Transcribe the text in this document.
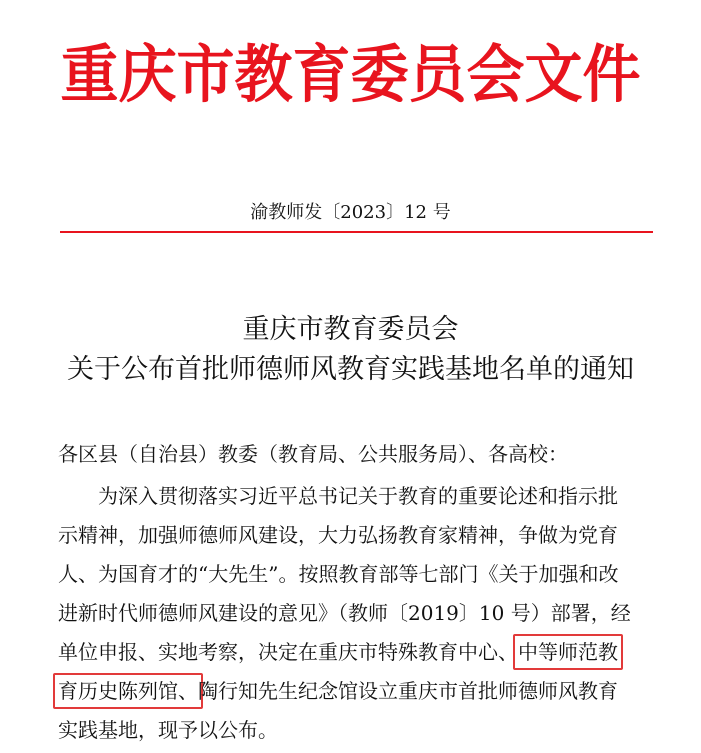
重庆市教育委员会文件
渝教师发〔2023〕12 号
重庆市教育委员会
关于公布首批师德师风教育实践基地名单的通知
各区县（自治县）教委（教育局、公共服务局）、各高校：
为深入贯彻落实习近平总书记关于教育的重要论述和指示批
示精神，加强师德师风建设，大力弘扬教育家精神，争做为党育
人、为国育才的“大先生”。按照教育部等七部门《关于加强和改
进新时代师德师风建设的意见》（教师〔2019〕10 号）部署，经
单位申报、实地考察，决定在重庆市特殊教育中心、中等师范教
育历史陈列馆、陶行知先生纪念馆设立重庆市首批师德师风教育
实践基地，现予以公布。
